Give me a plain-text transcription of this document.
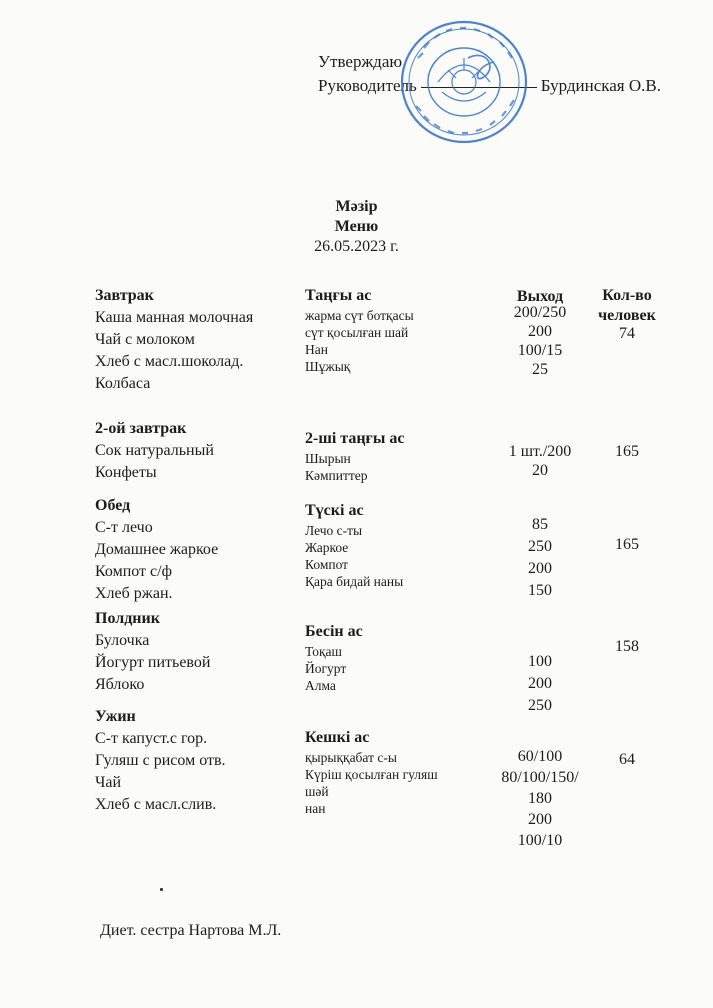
Утверждаю
Руководитель	Бурдинская О.В.
Мәзір
Меню
26.05.2023 г.
Выход	Кол-во человек
Завтрак
Каша манная молочная
Чай с молоком
Хлеб с масл.шоколад.
Колбаса
Таңғы ас
жарма сүт ботқасы
сүт қосылған шай
Нан
Шұжық
200/250
200
100/15
25
74
2-ой завтрак
Сок натуральный
Конфеты
2-ші таңғы ас
Шырын
Кәмпиттер
1 шт./200
20
165
Обед
С-т лечо
Домашнее жаркое
Компот с/ф
Хлеб ржан.
Түскі ас
Лечо с-ты
Жаркое
Компот
Қара бидай наны
85
250
200
150
165
Полдник
Булочка
Йогурт питьевой
Яблоко
Бесін ас
Тоқаш
Йогурт
Алма
100
200
250
158
Ужин
С-т капуст.с гор.
Гуляш с рисом отв.
Чай
Хлеб с масл.слив.
Кешкі ас
қырыққабат с-ы
Күріш қосылған гуляш
шәй
нан
60/100
80/100/150/
180
200
100/10
64
Диет. сестра Нартова М.Л.
